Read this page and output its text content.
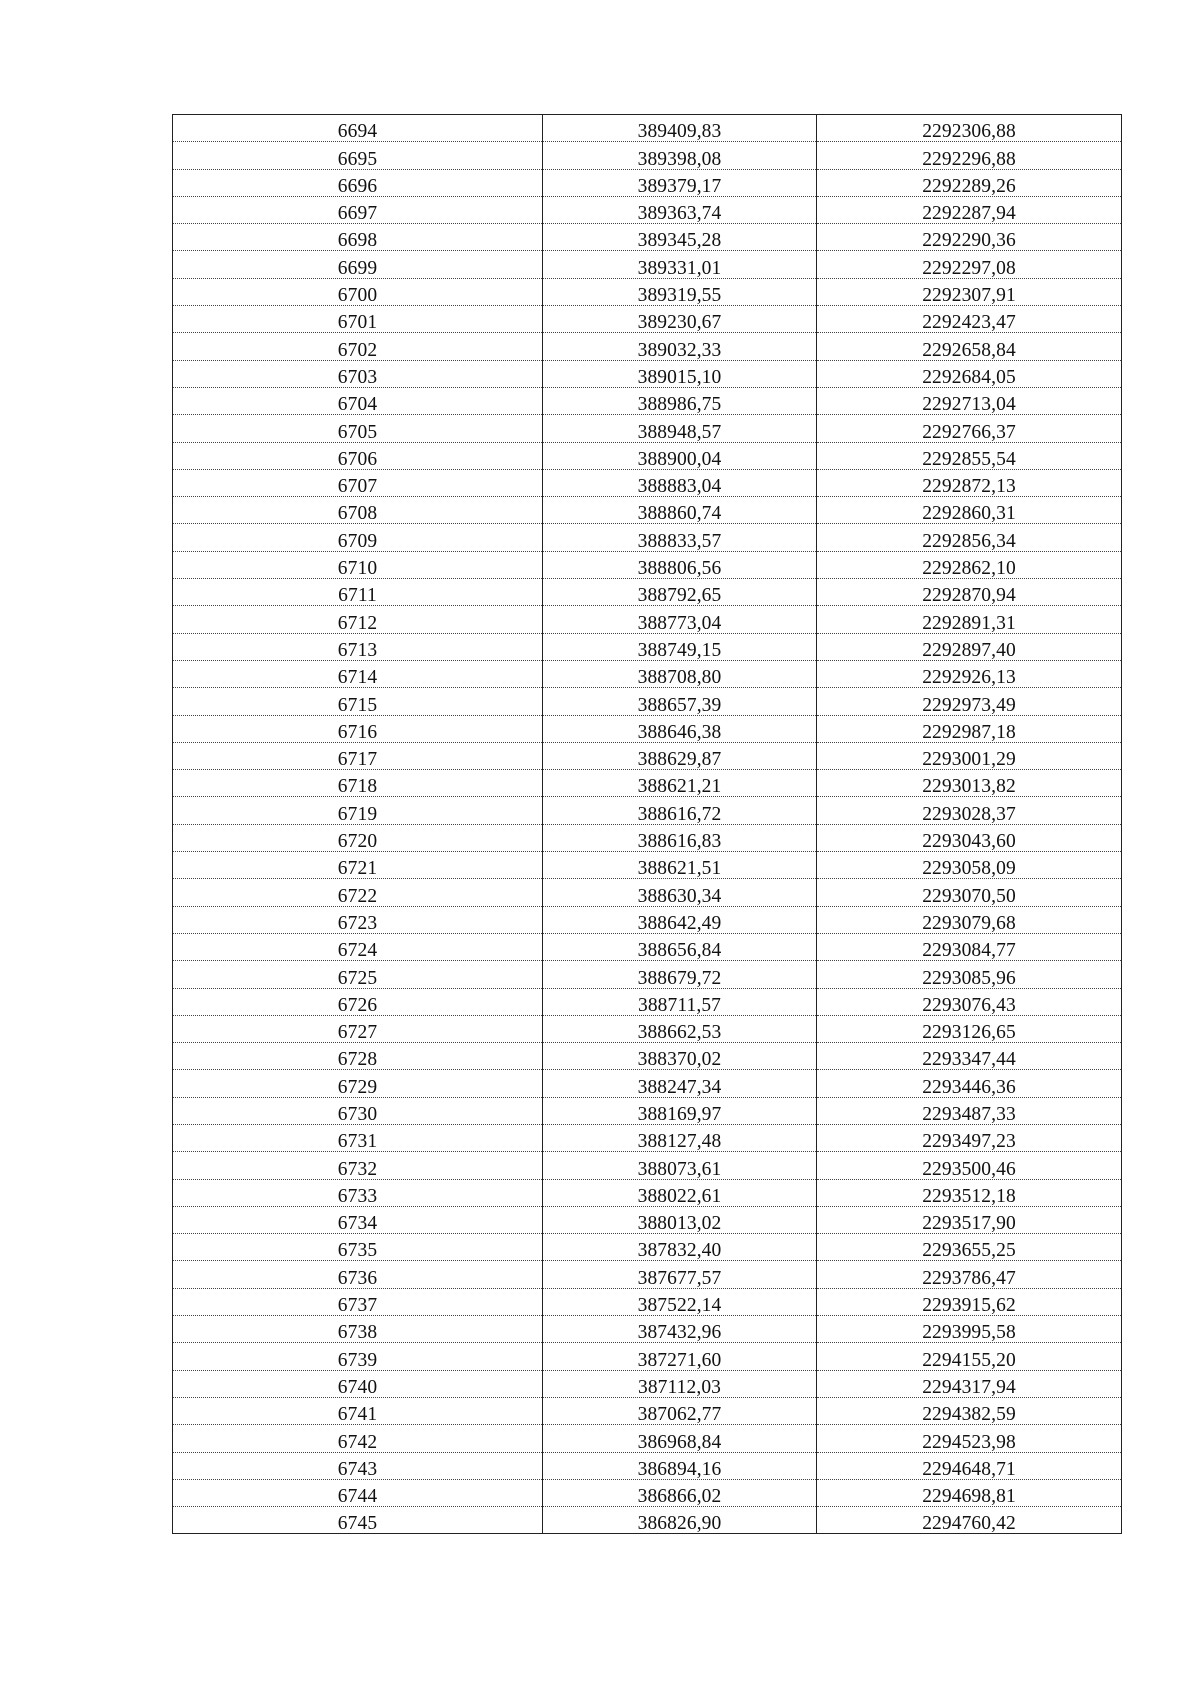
6694	389409,83	2292306,88
6695	389398,08	2292296,88
6696	389379,17	2292289,26
6697	389363,74	2292287,94
6698	389345,28	2292290,36
6699	389331,01	2292297,08
6700	389319,55	2292307,91
6701	389230,67	2292423,47
6702	389032,33	2292658,84
6703	389015,10	2292684,05
6704	388986,75	2292713,04
6705	388948,57	2292766,37
6706	388900,04	2292855,54
6707	388883,04	2292872,13
6708	388860,74	2292860,31
6709	388833,57	2292856,34
6710	388806,56	2292862,10
6711	388792,65	2292870,94
6712	388773,04	2292891,31
6713	388749,15	2292897,40
6714	388708,80	2292926,13
6715	388657,39	2292973,49
6716	388646,38	2292987,18
6717	388629,87	2293001,29
6718	388621,21	2293013,82
6719	388616,72	2293028,37
6720	388616,83	2293043,60
6721	388621,51	2293058,09
6722	388630,34	2293070,50
6723	388642,49	2293079,68
6724	388656,84	2293084,77
6725	388679,72	2293085,96
6726	388711,57	2293076,43
6727	388662,53	2293126,65
6728	388370,02	2293347,44
6729	388247,34	2293446,36
6730	388169,97	2293487,33
6731	388127,48	2293497,23
6732	388073,61	2293500,46
6733	388022,61	2293512,18
6734	388013,02	2293517,90
6735	387832,40	2293655,25
6736	387677,57	2293786,47
6737	387522,14	2293915,62
6738	387432,96	2293995,58
6739	387271,60	2294155,20
6740	387112,03	2294317,94
6741	387062,77	2294382,59
6742	386968,84	2294523,98
6743	386894,16	2294648,71
6744	386866,02	2294698,81
6745	386826,90	2294760,42
